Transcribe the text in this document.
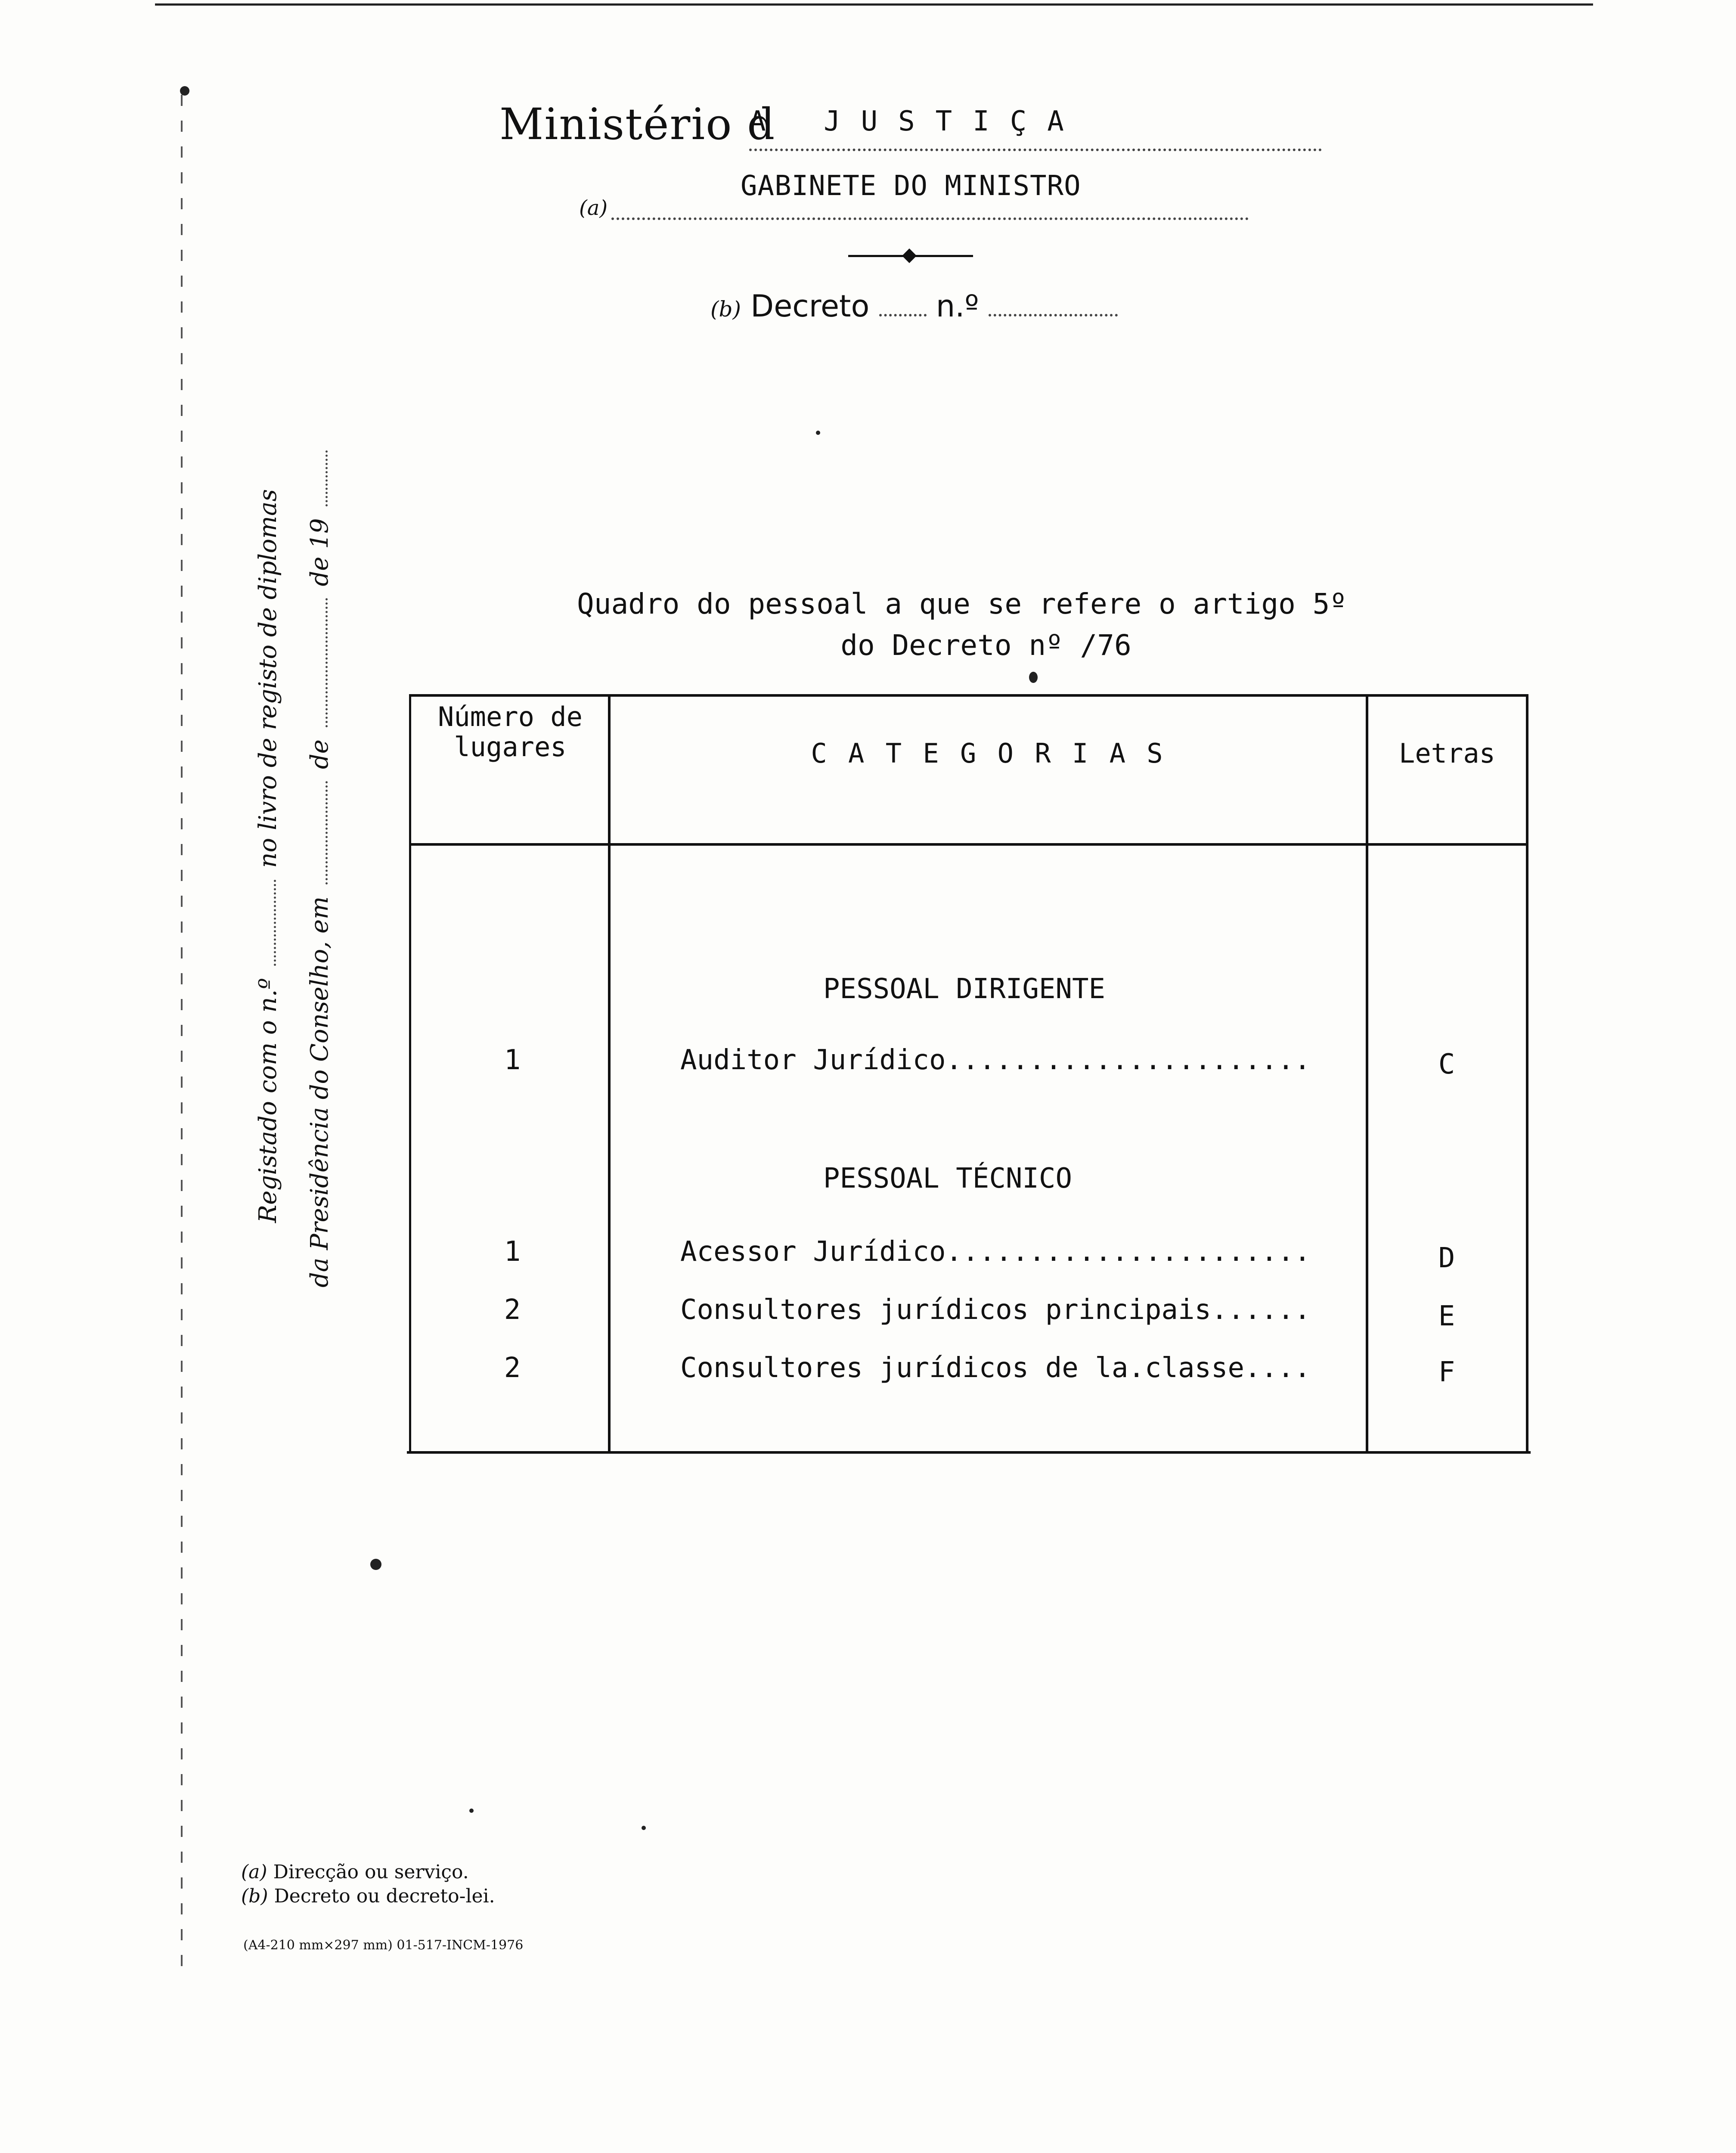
Ministério d
A JUSTIÇA
(a)
GABINETE DO MINISTRO
(b) Decreto n.º
Registado com o n.º  no livro de registo de diplomas
da Presidência do Conselho, em  de  de 19
Quadro do pessoal a que se refere o artigo 5º
do Decreto nº /76
Número de lugares	C A T E G O R I A S	Letras
PESSOAL DIRIGENTE
1	Auditor Jurídico......................	C
PESSOAL TÉCNICO
1	Acessor Jurídico......................	D
2	Consultores jurídicos principais......	E
2	Consultores jurídicos de la.classe....	F
(a) Direcção ou serviço.
(b) Decreto ou decreto-lei.
(A4-210 mm×297 mm) 01-517-INCM-1976
